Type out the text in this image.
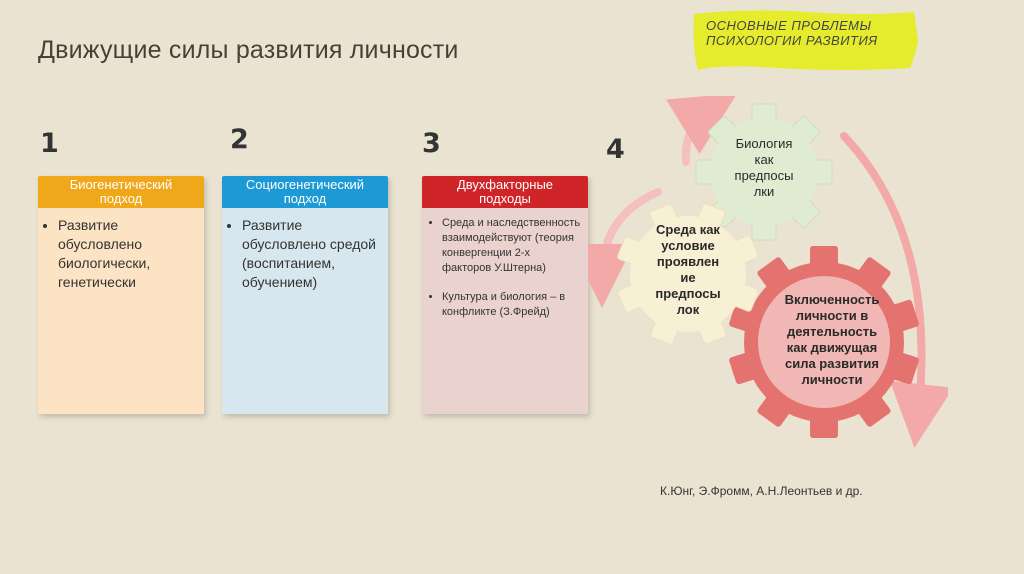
Движущие силы развития личности
ОСНОВНЫЕ ПРОБЛЕМЫ
ПСИХОЛОГИИ РАЗВИТИЯ
1	2	3	4
Биогенетический
подход
• Развитие обусловлено биологически, генетически
Социогенетический
подход
• Развитие обусловлено средой (воспитанием, обучением)
Двухфакторные
подходы
• Среда и наследственность взаимодействуют (теория конвергенции 2-х факторов У.Штерна)
• Культура и биология – в конфликте (З.Фрейд)
Биология
как
предпосы
лки
Среда как
условие
проявлен
ие
предпосы
лок
Включенность
личности в
деятельность
как движущая
сила развития
личности
К.Юнг, Э.Фромм, А.Н.Леонтьев и др.
